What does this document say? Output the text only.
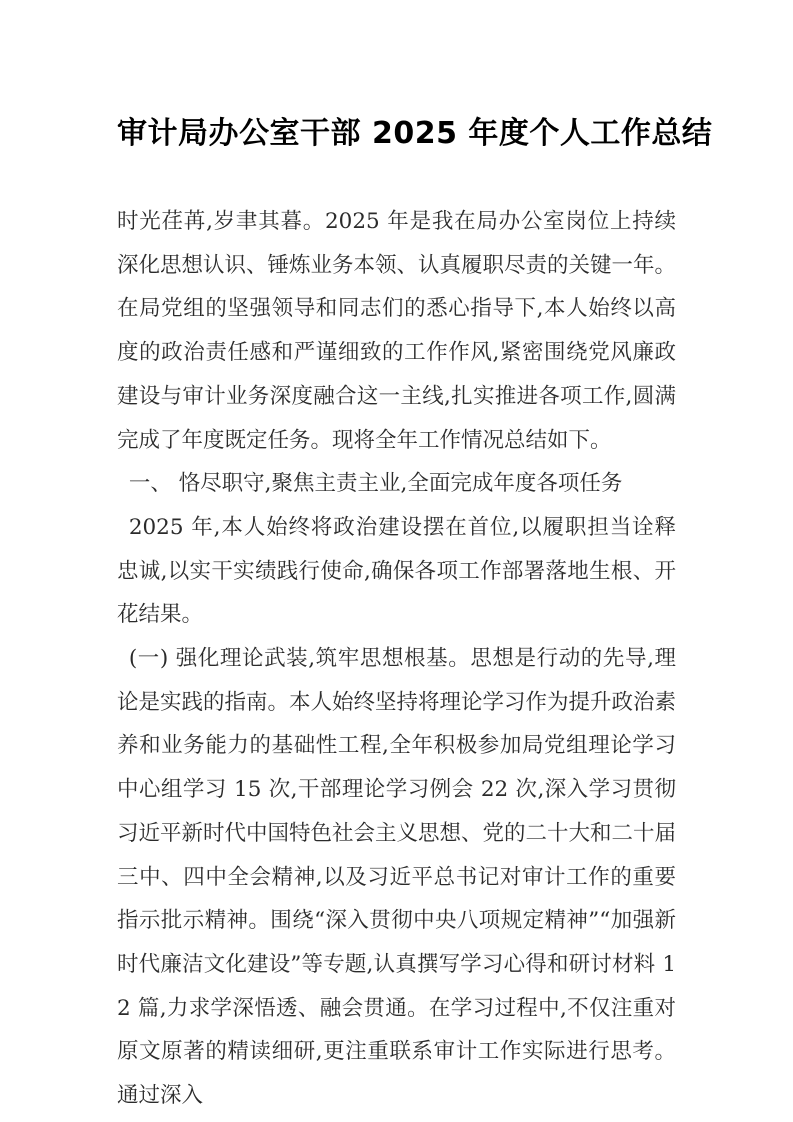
审计局办公室干部 2025 年度个人工作总结

时光荏苒,岁聿其暮。2025 年是我在局办公室岗位上持续深化思想认识、锤炼业务本领、认真履职尽责的关键一年。在局党组的坚强领导和同志们的悉心指导下,本人始终以高度的政治责任感和严谨细致的工作作风,紧密围绕党风廉政建设与审计业务深度融合这一主线,扎实推进各项工作,圆满完成了年度既定任务。现将全年工作情况总结如下。

一、 恪尽职守,聚焦主责主业,全面完成年度各项任务

2025 年,本人始终将政治建设摆在首位,以履职担当诠释忠诚,以实干实绩践行使命,确保各项工作部署落地生根、开花结果。

(一) 强化理论武装,筑牢思想根基。思想是行动的先导,理论是实践的指南。本人始终坚持将理论学习作为提升政治素养和业务能力的基础性工程,全年积极参加局党组理论学习中心组学习 15 次,干部理论学习例会 22 次,深入学习贯彻习近平新时代中国特色社会主义思想、党的二十大和二十届三中、四中全会精神,以及习近平总书记对审计工作的重要指示批示精神。围绕“深入贯彻中央八项规定精神”“加强新时代廉洁文化建设”等专题,认真撰写学习心得和研讨材料 12 篇,力求学深悟透、融会贯通。在学习过程中,不仅注重对原文原著的精读细研,更注重联系审计工作实际进行思考。通过深入
